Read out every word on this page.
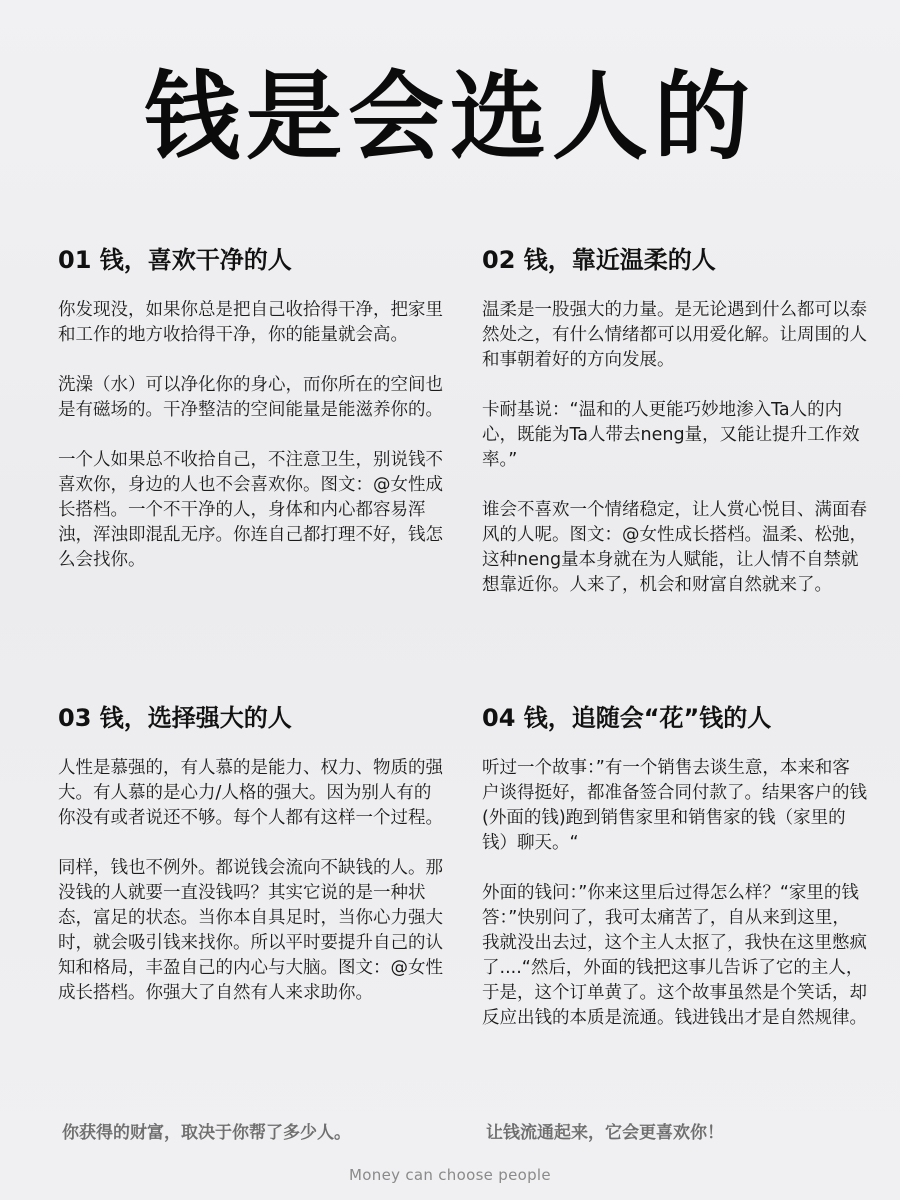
钱是会选人的
01 钱，喜欢干净的人

你发现没，如果你总是把自己收拾得干净，把家里和工作的地方收拾得干净，你的能量就会高。

洗澡（水）可以净化你的身心，而你所在的空间也是有磁场的。干净整洁的空间能量是能滋养你的。

一个人如果总不收拾自己，不注意卫生，别说钱不喜欢你，身边的人也不会喜欢你。图文：@女性成长搭档。一个不干净的人，身体和内心都容易浑浊，浑浊即混乱无序。你连自己都打理不好，钱怎么会找你。

02 钱，靠近温柔的人

温柔是一股强大的力量。是无论遇到什么都可以泰然处之，有什么情绪都可以用爱化解。让周围的人和事朝着好的方向发展。

卡耐基说：“温和的人更能巧妙地渗入Ta人的内心，既能为Ta人带去neng量，又能让提升工作效率。”

谁会不喜欢一个情绪稳定，让人赏心悦目、满面春风的人呢。图文：@女性成长搭档。温柔、松弛，这种neng量本身就在为人赋能，让人情不自禁就想靠近你。人来了，机会和财富自然就来了。

03 钱，选择强大的人

人性是慕强的，有人慕的是能力、权力、物质的强大。有人慕的是心力/人格的强大。因为别人有的你没有或者说还不够。每个人都有这样一个过程。

同样，钱也不例外。都说钱会流向不缺钱的人。那没钱的人就要一直没钱吗？其实它说的是一种状态，富足的状态。当你本自具足时，当你心力强大时，就会吸引钱来找你。所以平时要提升自己的认知和格局，丰盈自己的内心与大脑。图文：@女性成长搭档。你强大了自然有人来求助你。

04 钱，追随会“花”钱的人

听过一个故事：”有一个销售去谈生意，本来和客户谈得挺好，都准备签合同付款了。结果客户的钱(外面的钱)跑到销售家里和销售家的钱（家里的钱）聊天。“

外面的钱问：”你来这里后过得怎么样？“家里的钱答：”快别问了，我可太痛苦了，自从来到这里，我就没出去过，这个主人太抠了，我快在这里憋疯了....“然后，外面的钱把这事儿告诉了它的主人，于是，这个订单黄了。这个故事虽然是个笑话，却反应出钱的本质是流通。钱进钱出才是自然规律。

你获得的财富，取决于你帮了多少人。	让钱流通起来，它会更喜欢你！
Money can choose people
